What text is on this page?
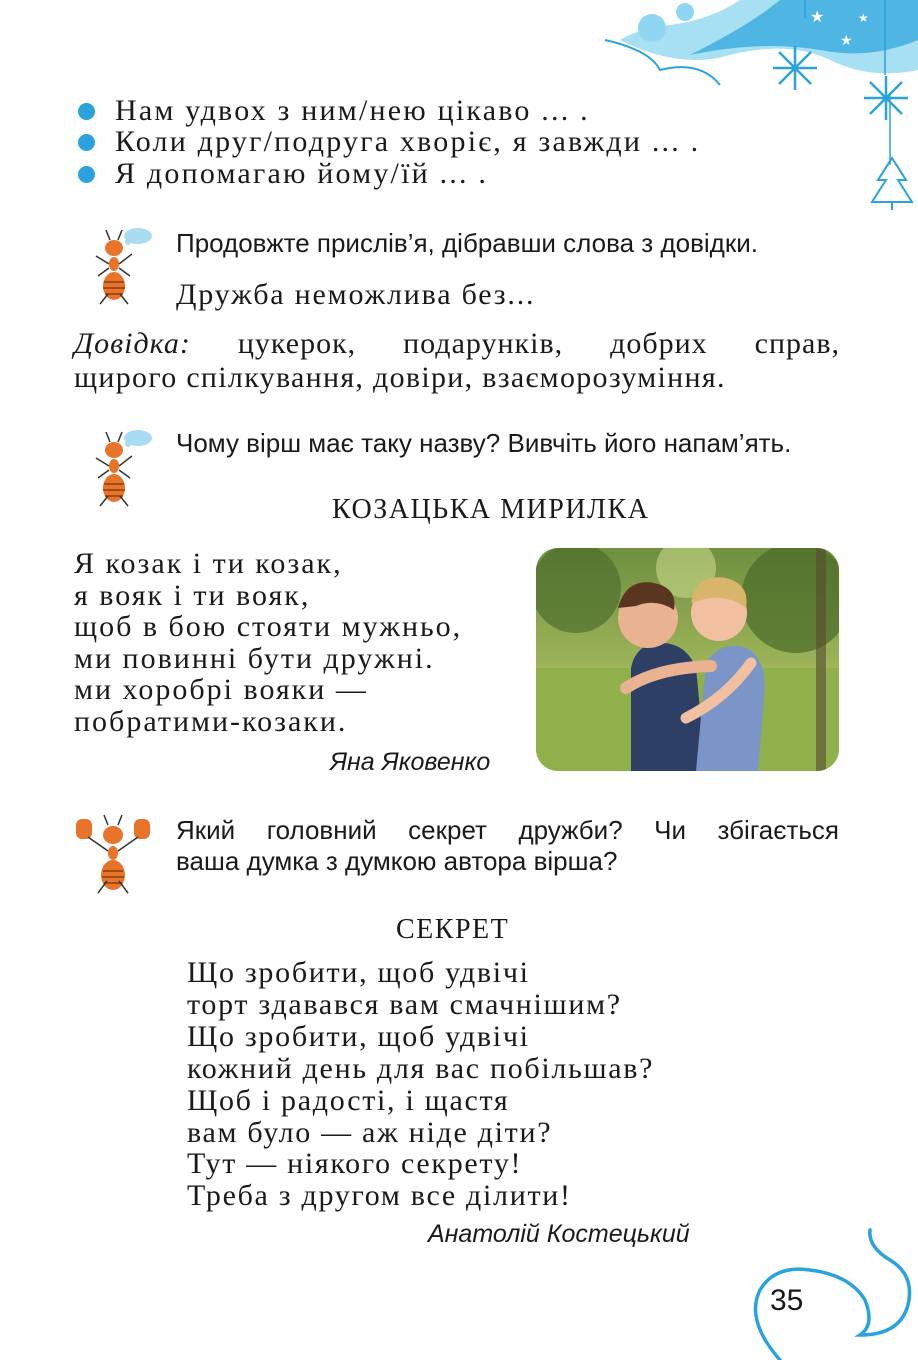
★
★
★
Нам удвох з ним/нею цікаво ... .
Коли друг/подруга хворіє, я завжди ... .
Я допомагаю йому/їй ... .
Продовжте прислів’я, дібравши слова з довідки.
Дружба неможлива без...
Довідка: цукерок, подарунків, добрих справ,
щирого спілкування, довіри, взаєморозуміння.
Чому вірш має таку назву? Вивчіть його напам’ять.
КОЗАЦЬКА МИРИЛКА
Я козак і ти козак,
я вояк і ти вояк,
щоб в бою стояти мужньо,
ми повинні бути дружні.
ми хоробрі вояки —
побратими-козаки.
Яна Яковенко
Який головний секрет дружби? Чи збігається
ваша думка з думкою автора вірша?
СЕКРЕТ
Що зробити, щоб удвічі
торт здавався вам смачнішим?
Що зробити, щоб удвічі
кожний день для вас побільшав?
Щоб і радості, і щастя
вам було — аж ніде діти?
Тут — ніякого секрету!
Треба з другом все ділити!
Анатолій Костецький
35
